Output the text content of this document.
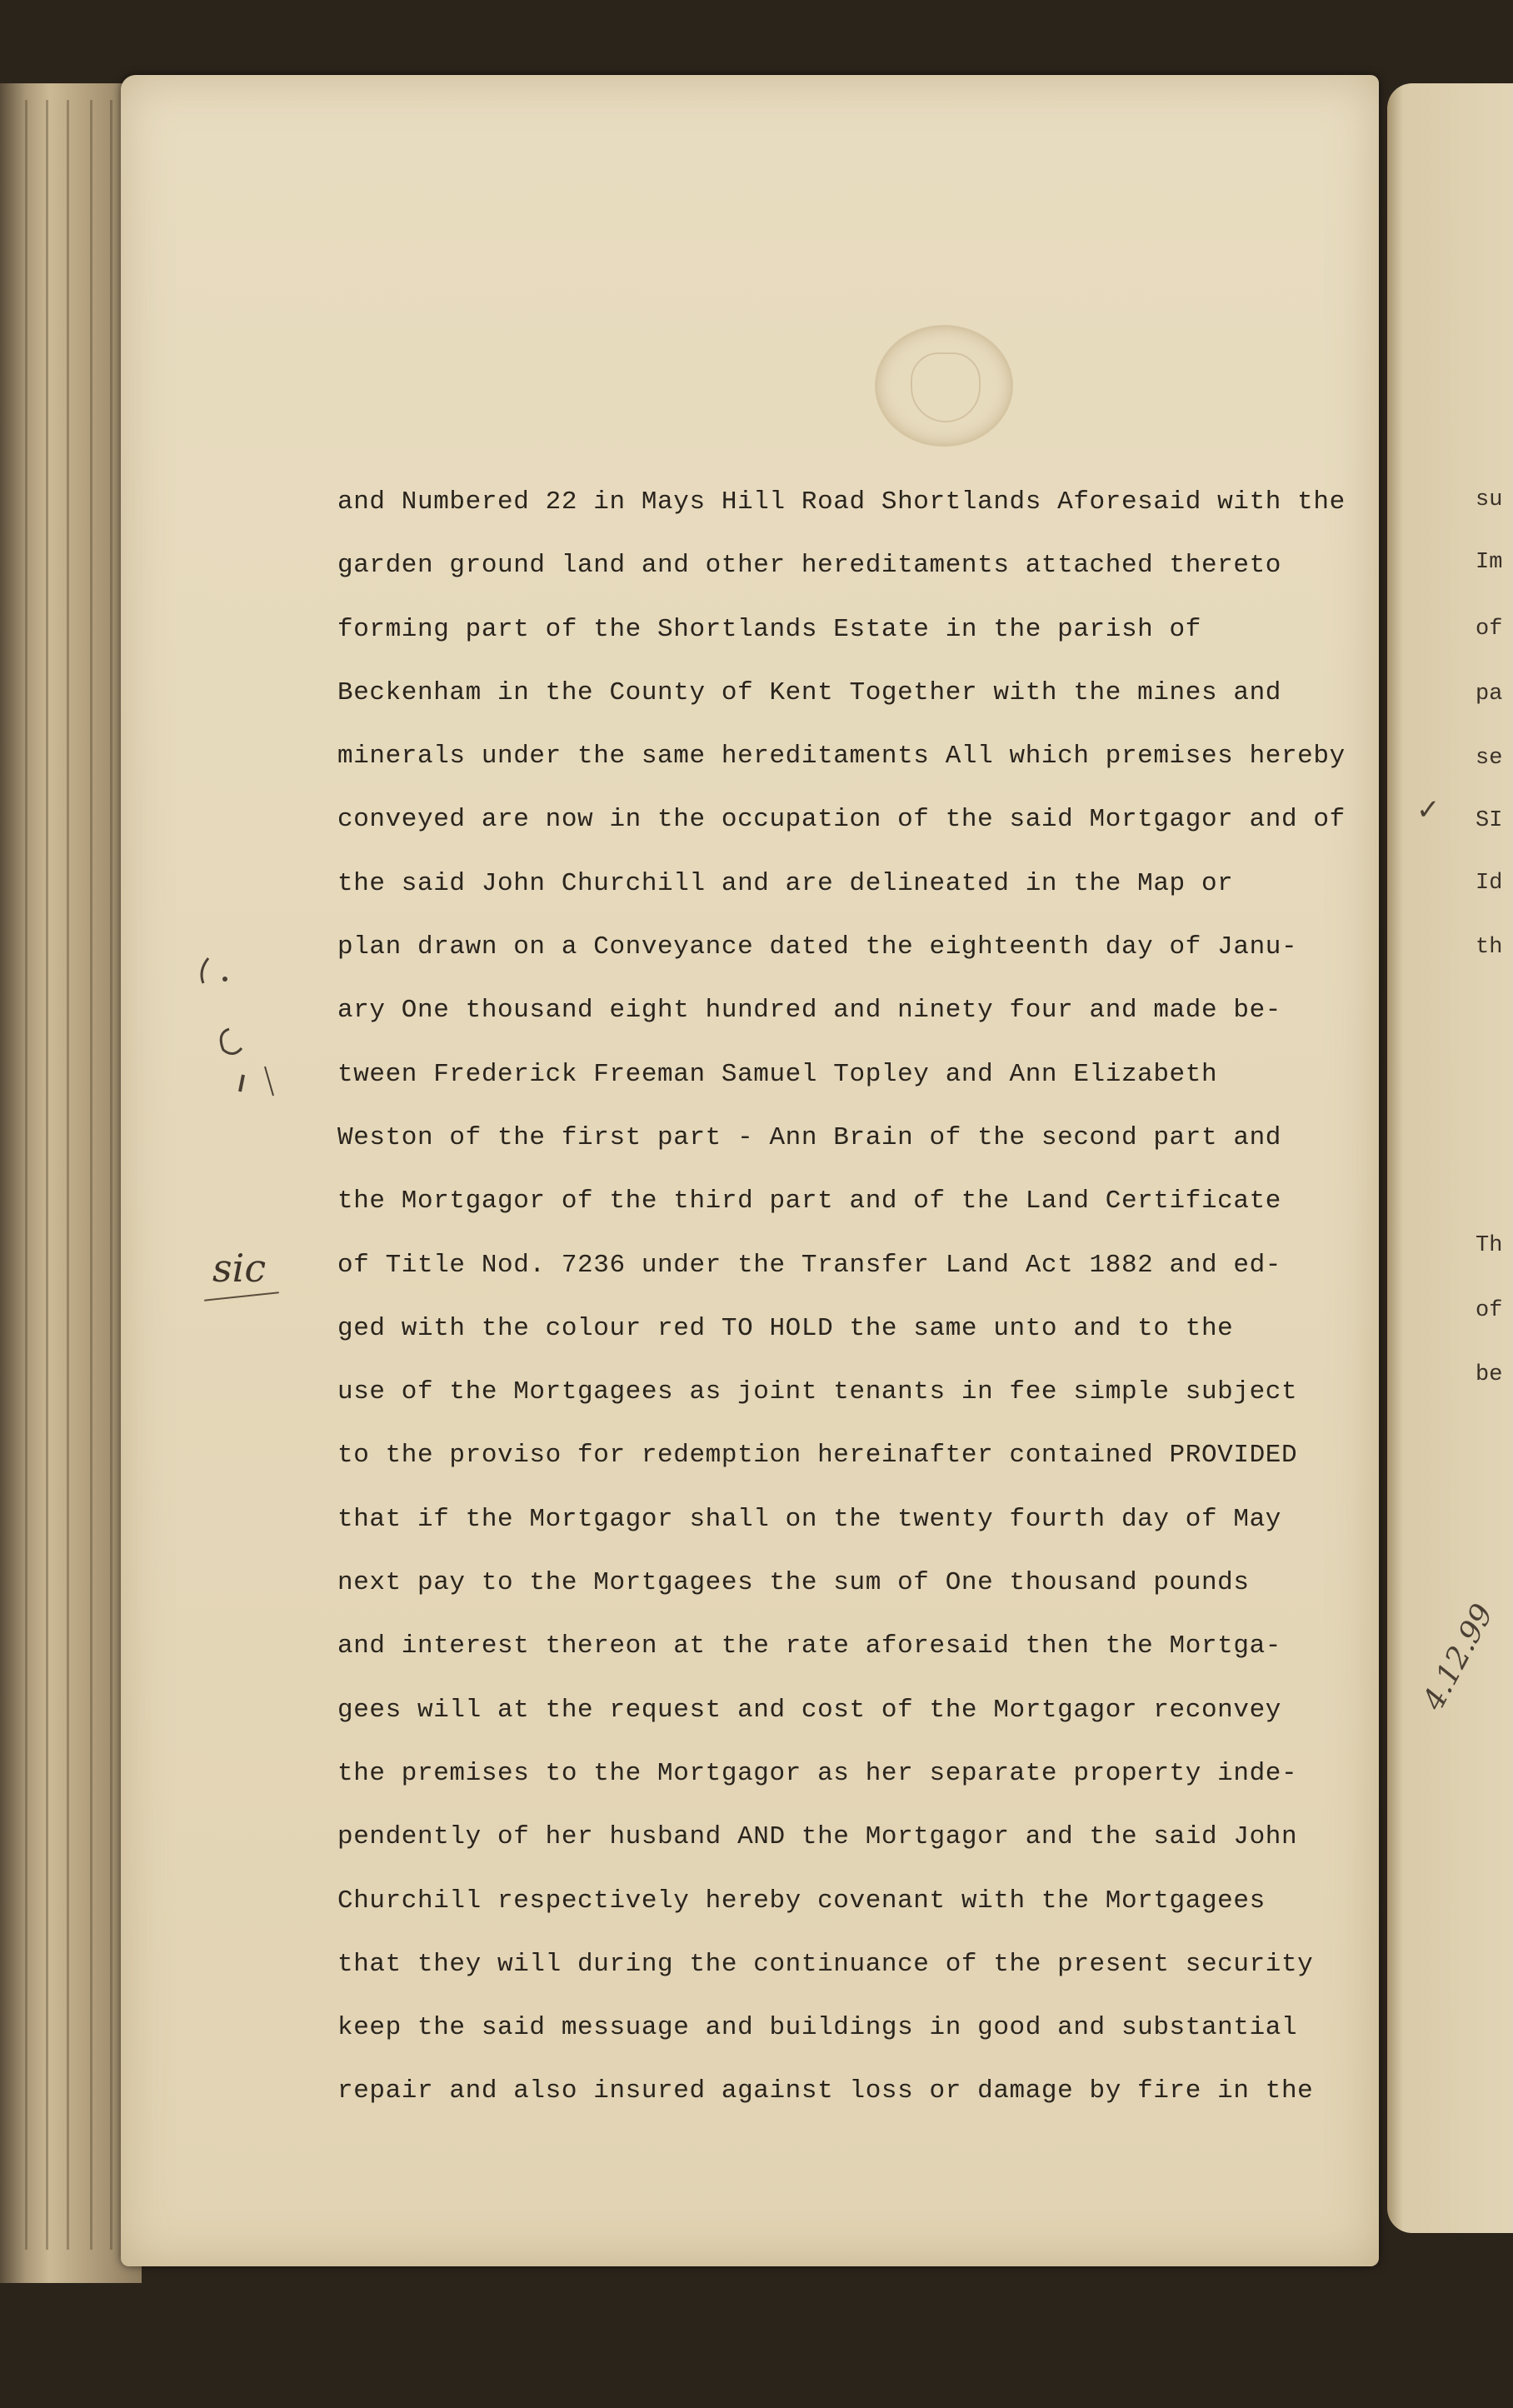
su
Im
of
pa
se
SI
Id
th
Th
of
be
and Numbered 22 in Mays Hill Road Shortlands Aforesaid with the
garden ground land and other hereditaments attached thereto
forming part of the Shortlands Estate in the parish of
Beckenham in the County of Kent Together with the mines and
minerals under the same hereditaments All which premises hereby
conveyed are now in the occupation of the said Mortgagor and of
the said John Churchill and are delineated in the Map or
plan drawn on a Conveyance dated the eighteenth day of Janu-
ary One thousand eight hundred and ninety four and made be-
tween Frederick Freeman Samuel Topley and Ann Elizabeth
Weston of the first part - Ann Brain of the second part and
the Mortgagor of the third part and of the Land Certificate
of Title Nod. 7236 under the Transfer Land Act 1882 and ed-
ged with the colour red TO HOLD the same unto and to the
use of the Mortgagees as joint tenants in fee simple subject
to the proviso for redemption hereinafter contained PROVIDED
that if the Mortgagor shall on the twenty fourth day of May
next pay to the Mortgagees the sum of One thousand pounds
and interest thereon at the rate aforesaid then the Mortga-
gees will at the request and cost of the Mortgagor reconvey
the premises to the Mortgagor as her separate property inde-
pendently of her husband AND the Mortgagor and the said John
Churchill respectively hereby covenant with the Mortgagees
that they will during the continuance of the present security
keep the said messuage and buildings in good and substantial
repair and also insured against loss or damage by fire in the
sic
✓
4.12.99
